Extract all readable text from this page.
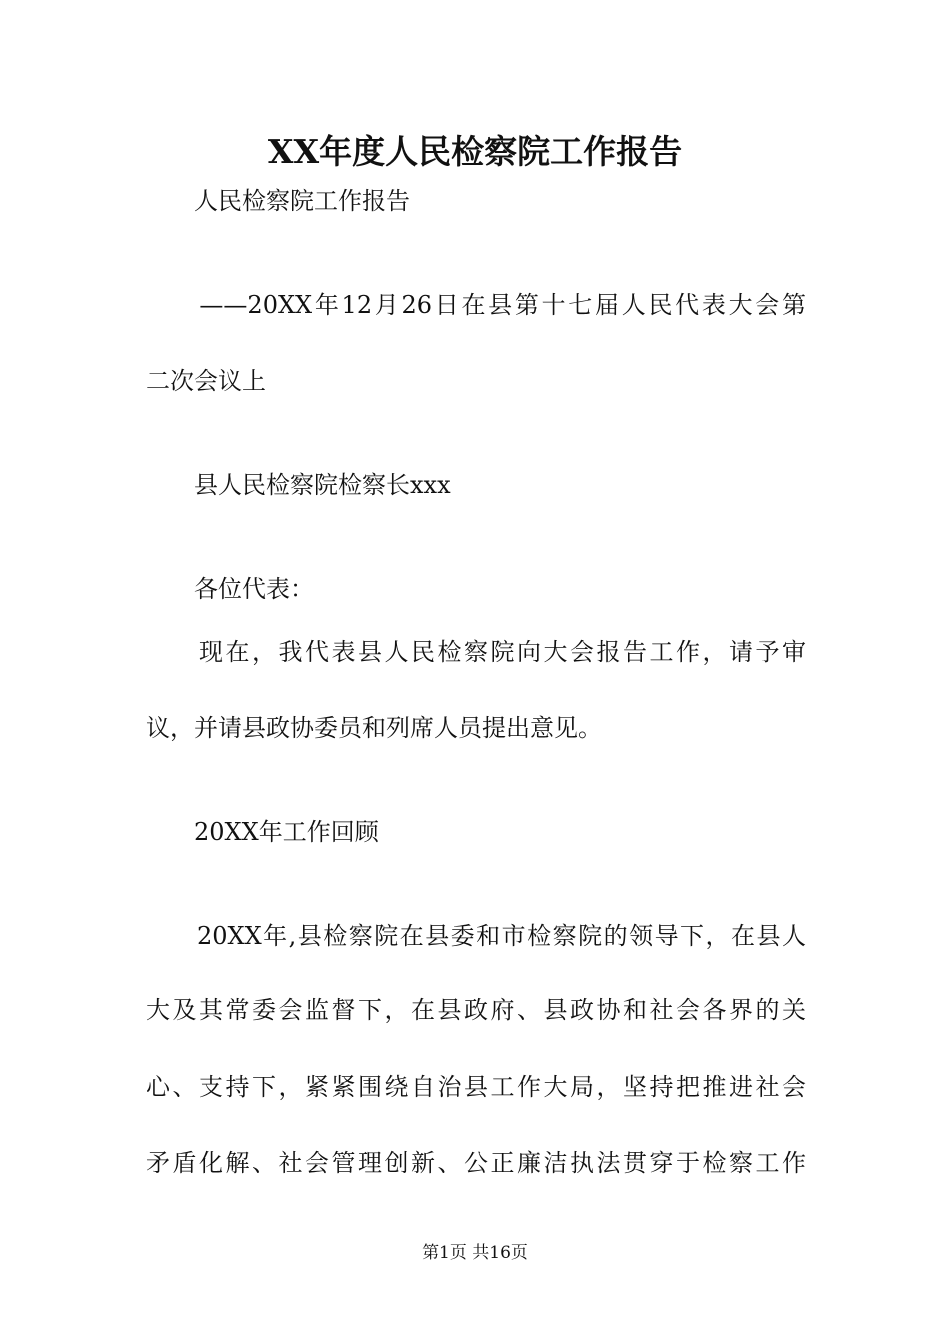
XX年度人民检察院工作报告
　　人民检察院工作报告
　　——20XX年12月26日在县第十七届人民代表大会第
二次会议上
　　县人民检察院检察长xxx
　　各位代表：
　　现在，我代表县人民检察院向大会报告工作，请予审
议，并请县政协委员和列席人员提出意见。
　　20XX年工作回顾
　　20XX年,县检察院在县委和市检察院的领导下，在县人
大及其常委会监督下，在县政府、县政协和社会各界的关
心、支持下，紧紧围绕自治县工作大局，坚持把推进社会
矛盾化解、社会管理创新、公正廉洁执法贯穿于检察工作
第1页 共16页
